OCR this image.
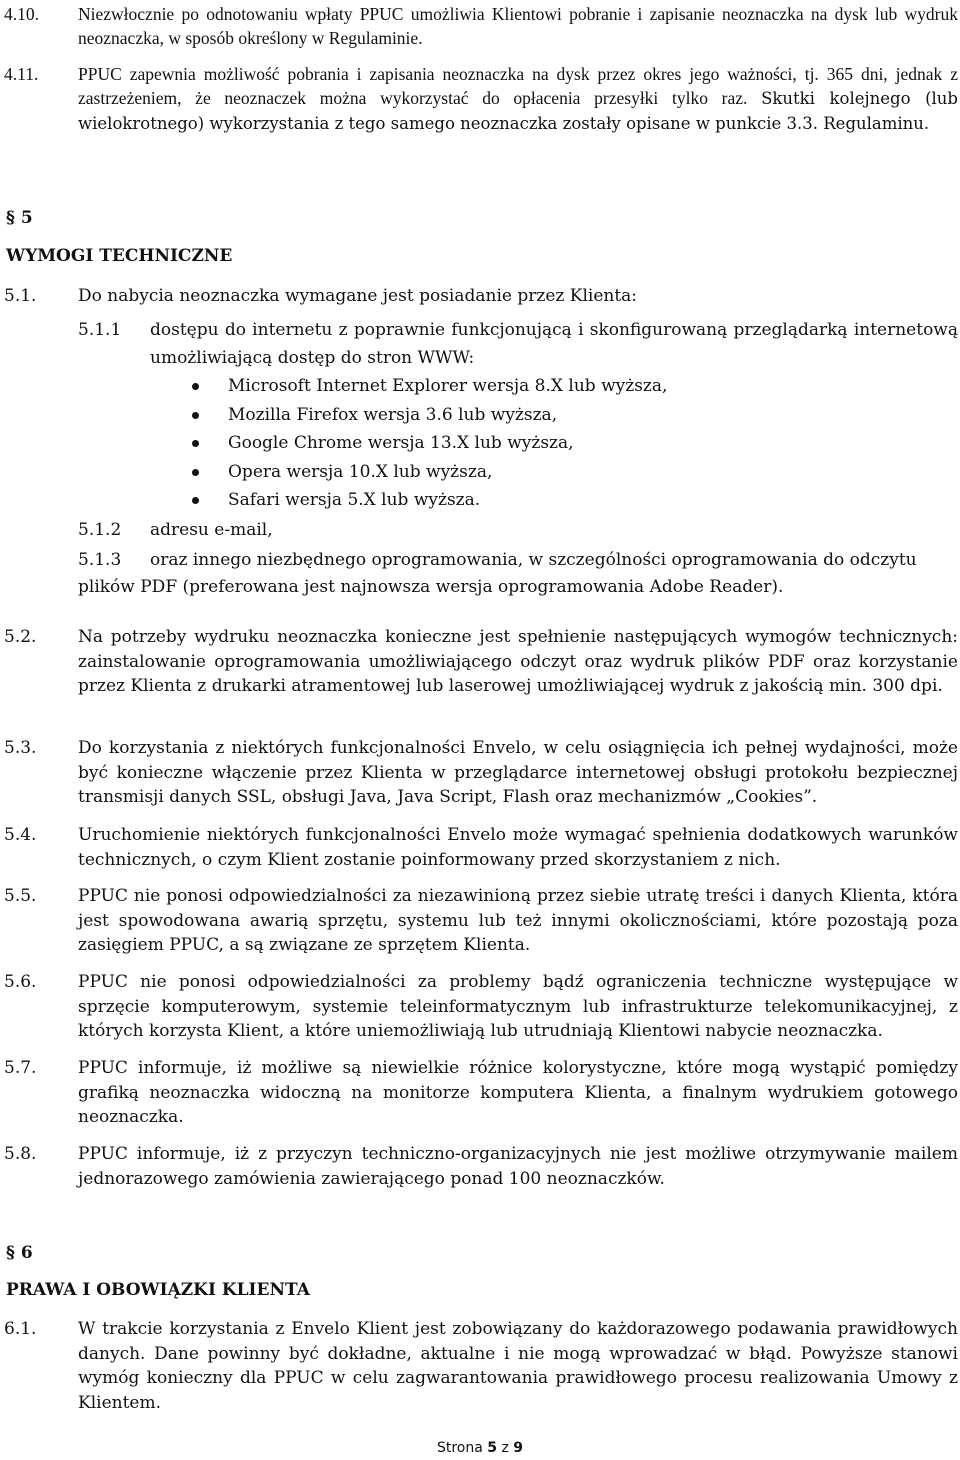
4.10. Niezwłocznie po odnotowaniu wpłaty PPUC umożliwia Klientowi pobranie i zapisanie neoznaczka na dysk lub wydruk neoznaczka, w sposób określony w Regulaminie.
4.11. PPUC zapewnia możliwość pobrania i zapisania neoznaczka na dysk przez okres jego ważności, tj. 365 dni, jednak z zastrzeżeniem, że neoznaczek można wykorzystać do opłacenia przesyłki tylko raz. Skutki kolejnego (lub wielokrotnego) wykorzystania z tego samego neoznaczka zostały opisane w punkcie 3.3. Regulaminu.
§ 5
WYMOGI TECHNICZNE
5.1. Do nabycia neoznaczka wymagane jest posiadanie przez Klienta:
5.1.1 dostępu do internetu z poprawnie funkcjonującą i skonfigurowaną przeglądarką internetową umożliwiającą dostęp do stron WWW:
Microsoft Internet Explorer wersja 8.X lub wyższa,
Mozilla Firefox wersja 3.6 lub wyższa,
Google Chrome wersja 13.X lub wyższa,
Opera wersja 10.X lub wyższa,
Safari wersja 5.X lub wyższa.
5.1.2 adresu e-mail,
5.1.3 oraz innego niezbędnego oprogramowania, w szczególności oprogramowania do odczytu
plików PDF (preferowana jest najnowsza wersja oprogramowania Adobe Reader).
5.2. Na potrzeby wydruku neoznaczka konieczne jest spełnienie następujących wymogów technicznych: zainstalowanie oprogramowania umożliwiającego odczyt oraz wydruk plików PDF oraz korzystanie przez Klienta z drukarki atramentowej lub laserowej umożliwiającej wydruk z jakością min. 300 dpi.
5.3. Do korzystania z niektórych funkcjonalności Envelo, w celu osiągnięcia ich pełnej wydajności, może być konieczne włączenie przez Klienta w przeglądarce internetowej obsługi protokołu bezpiecznej transmisji danych SSL, obsługi Java, Java Script, Flash oraz mechanizmów „Cookies”.
5.4. Uruchomienie niektórych funkcjonalności Envelo może wymagać spełnienia dodatkowych warunków technicznych, o czym Klient zostanie poinformowany przed skorzystaniem z nich.
5.5. PPUC nie ponosi odpowiedzialności za niezawinioną przez siebie utratę treści i danych Klienta, która jest spowodowana awarią sprzętu, systemu lub też innymi okolicznościami, które pozostają poza zasięgiem PPUC, a są związane ze sprzętem Klienta.
5.6. PPUC nie ponosi odpowiedzialności za problemy bądź ograniczenia techniczne występujące w sprzęcie komputerowym, systemie teleinformatycznym lub infrastrukturze telekomunikacyjnej, z których korzysta Klient, a które uniemożliwiają lub utrudniają Klientowi nabycie neoznaczka.
5.7. PPUC informuje, iż możliwe są niewielkie różnice kolorystyczne, które mogą wystąpić pomiędzy grafiką neoznaczka widoczną na monitorze komputera Klienta, a finalnym wydrukiem gotowego neoznaczka.
5.8. PPUC informuje, iż z przyczyn techniczno-organizacyjnych nie jest możliwe otrzymywanie mailem jednorazowego zamówienia zawierającego ponad 100 neoznaczków.
§ 6
PRAWA I OBOWIĄZKI KLIENTA
6.1. W trakcie korzystania z Envelo Klient jest zobowiązany do każdorazowego podawania prawidłowych danych. Dane powinny być dokładne, aktualne i nie mogą wprowadzać w błąd. Powyższe stanowi wymóg konieczny dla PPUC w celu zagwarantowania prawidłowego procesu realizowania Umowy z Klientem.
Strona 5 z 9
